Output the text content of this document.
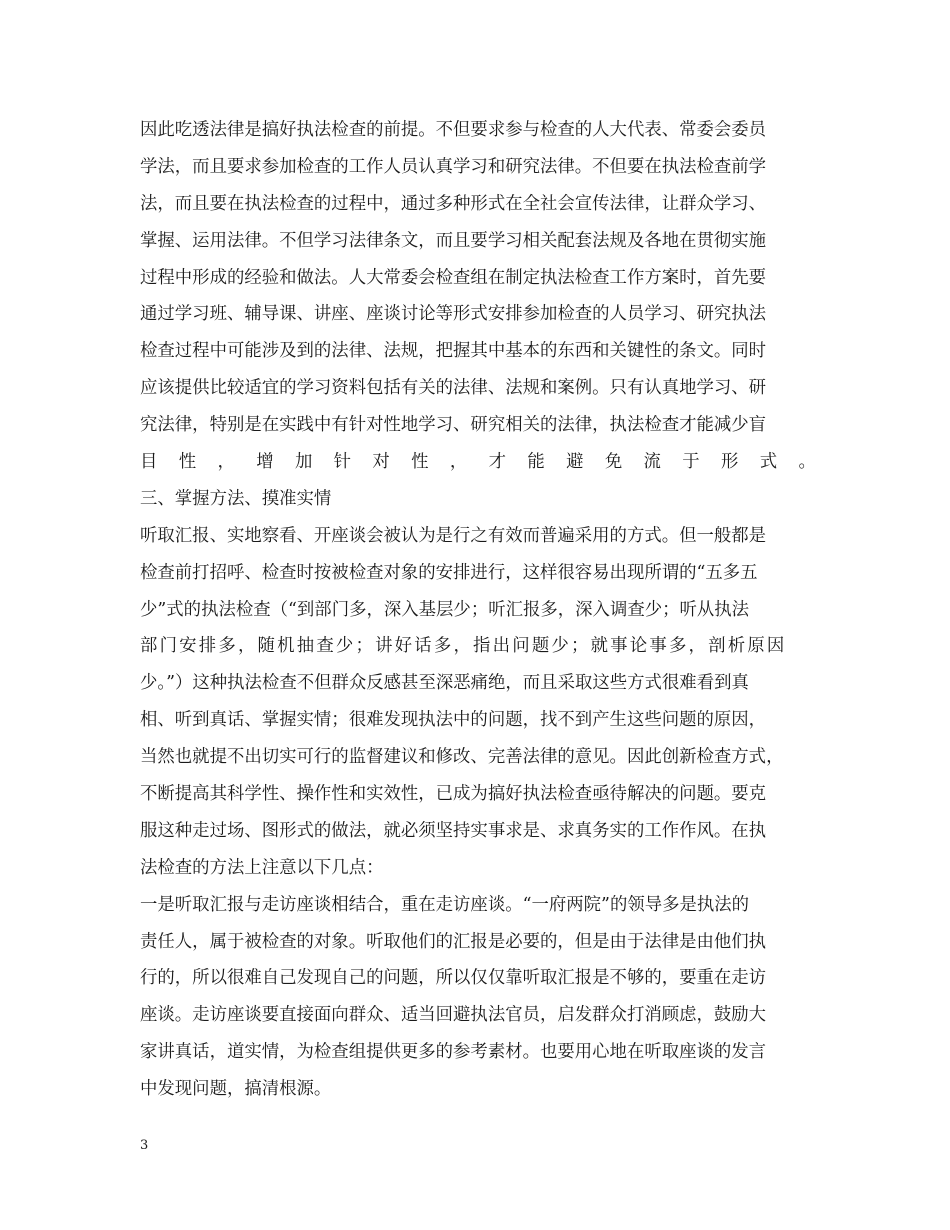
因此吃透法律是搞好执法检查的前提。不但要求参与检查的人大代表、常委会委员
学法，而且要求参加检查的工作人员认真学习和研究法律。不但要在执法检查前学
法，而且要在执法检查的过程中，通过多种形式在全社会宣传法律，让群众学习、
掌握、运用法律。不但学习法律条文，而且要学习相关配套法规及各地在贯彻实施
过程中形成的经验和做法。人大常委会检查组在制定执法检查工作方案时，首先要
通过学习班、辅导课、讲座、座谈讨论等形式安排参加检查的人员学习、研究执法
检查过程中可能涉及到的法律、法规，把握其中基本的东西和关键性的条文。同时
应该提供比较适宜的学习资料包括有关的法律、法规和案例。只有认真地学习、研
究法律，特别是在实践中有针对性地学习、研究相关的法律，执法检查才能减少盲
目 性 ， 增 加 针 对 性 ， 才 能 避 免 流 于 形 式 。
三、掌握方法、摸准实情
听取汇报、实地察看、开座谈会被认为是行之有效而普遍采用的方式。但一般都是
检查前打招呼、检查时按被检查对象的安排进行，这样很容易出现所谓的“五多五
少”式的执法检查（“到部门多，深入基层少；听汇报多，深入调查少；听从执法
部门安排多，随机抽查少；讲好话多，指出问题少；就事论事多，剖析原因
少。”）这种执法检查不但群众反感甚至深恶痛绝，而且采取这些方式很难看到真
相、听到真话、掌握实情；很难发现执法中的问题，找不到产生这些问题的原因，
当然也就提不出切实可行的监督建议和修改、完善法律的意见。因此创新检查方式，
不断提高其科学性、操作性和实效性，已成为搞好执法检查亟待解决的问题。要克
服这种走过场、图形式的做法，就必须坚持实事求是、求真务实的工作作风。在执
法检查的方法上注意以下几点：
一是听取汇报与走访座谈相结合，重在走访座谈。“一府两院”的领导多是执法的
责任人，属于被检查的对象。听取他们的汇报是必要的，但是由于法律是由他们执
行的，所以很难自己发现自己的问题，所以仅仅靠听取汇报是不够的，要重在走访
座谈。走访座谈要直接面向群众、适当回避执法官员，启发群众打消顾虑，鼓励大
家讲真话，道实情，为检查组提供更多的参考素材。也要用心地在听取座谈的发言
中发现问题，搞清根源。
3
